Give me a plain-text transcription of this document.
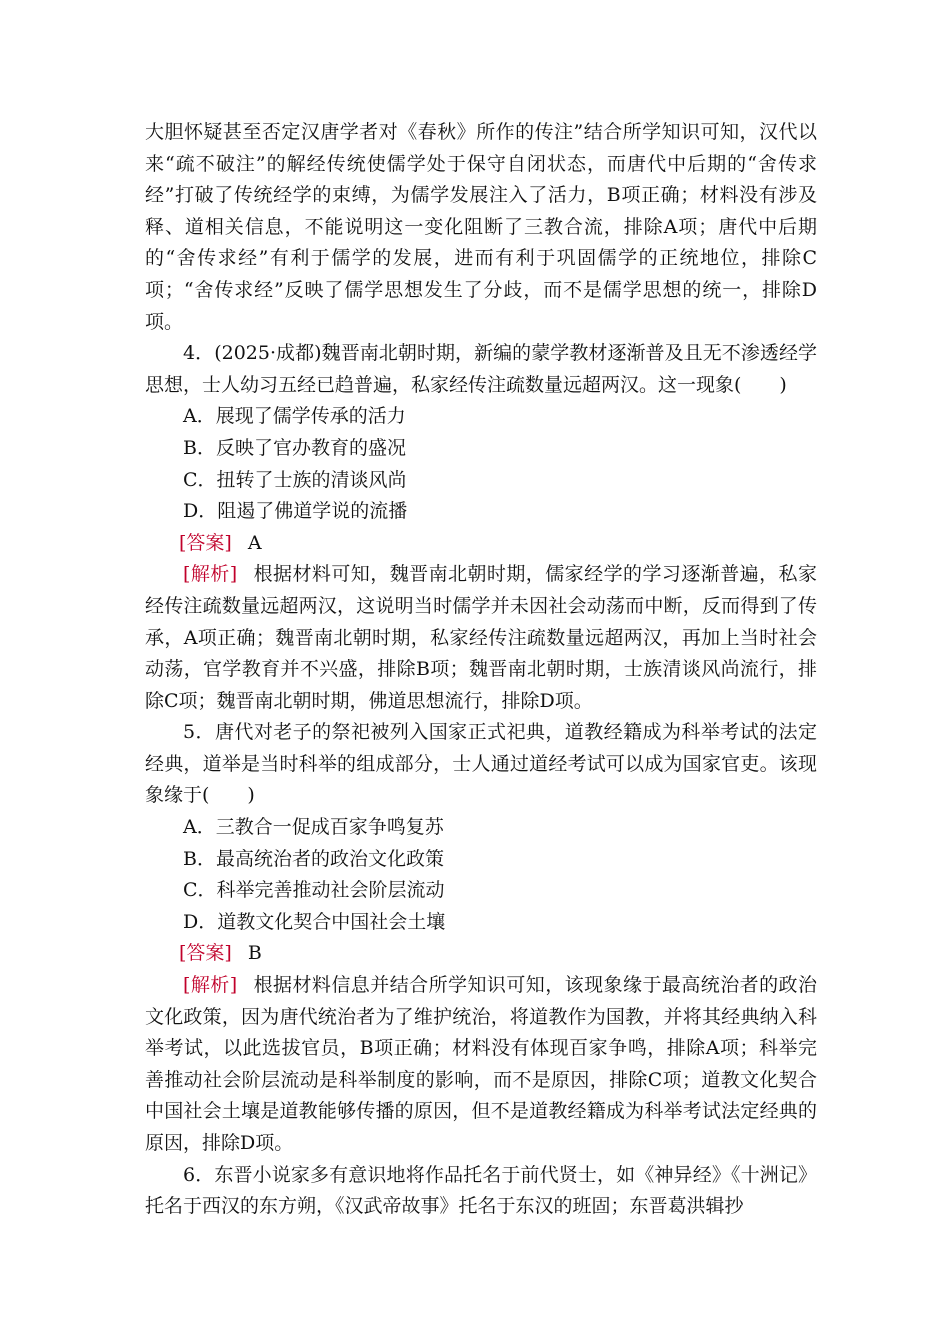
大胆怀疑甚至否定汉唐学者对《春秋》所作的传注”结合所学知识可知，汉代以来“疏不破注”的解经传统使儒学处于保守自闭状态，而唐代中后期的“舍传求经”打破了传统经学的束缚，为儒学发展注入了活力，B项正确；材料没有涉及释、道相关信息，不能说明这一变化阻断了三教合流，排除A项；唐代中后期的“舍传求经”有利于儒学的发展，进而有利于巩固儒学的正统地位，排除C项；“舍传求经”反映了儒学思想发生了分歧，而不是儒学思想的统一，排除D项。

4．(2025·成都)魏晋南北朝时期，新编的蒙学教材逐渐普及且无不渗透经学思想，士人幼习五经已趋普遍，私家经传注疏数量远超两汉。这一现象(　　)

A．展现了儒学传承的活力

B．反映了官办教育的盛况

C．扭转了士族的清谈风尚

D．阻遏了佛道学说的流播

[答案] A

[解析] 根据材料可知，魏晋南北朝时期，儒家经学的学习逐渐普遍，私家经传注疏数量远超两汉，这说明当时儒学并未因社会动荡而中断，反而得到了传承，A项正确；魏晋南北朝时期，私家经传注疏数量远超两汉，再加上当时社会动荡，官学教育并不兴盛，排除B项；魏晋南北朝时期，士族清谈风尚流行，排除C项；魏晋南北朝时期，佛道思想流行，排除D项。

5．唐代对老子的祭祀被列入国家正式祀典，道教经籍成为科举考试的法定经典，道举是当时科举的组成部分，士人通过道经考试可以成为国家官吏。该现象缘于(　　)

A．三教合一促成百家争鸣复苏

B．最高统治者的政治文化政策

C．科举完善推动社会阶层流动

D．道教文化契合中国社会土壤

[答案] B

[解析] 根据材料信息并结合所学知识可知，该现象缘于最高统治者的政治文化政策，因为唐代统治者为了维护统治，将道教作为国教，并将其经典纳入科举考试，以此选拔官员，B项正确；材料没有体现百家争鸣，排除A项；科举完善推动社会阶层流动是科举制度的影响，而不是原因，排除C项；道教文化契合中国社会土壤是道教能够传播的原因，但不是道教经籍成为科举考试法定经典的原因，排除D项。

6．东晋小说家多有意识地将作品托名于前代贤士，如《神异经》《十洲记》托名于西汉的东方朔，《汉武帝故事》托名于东汉的班固；东晋葛洪辑抄
